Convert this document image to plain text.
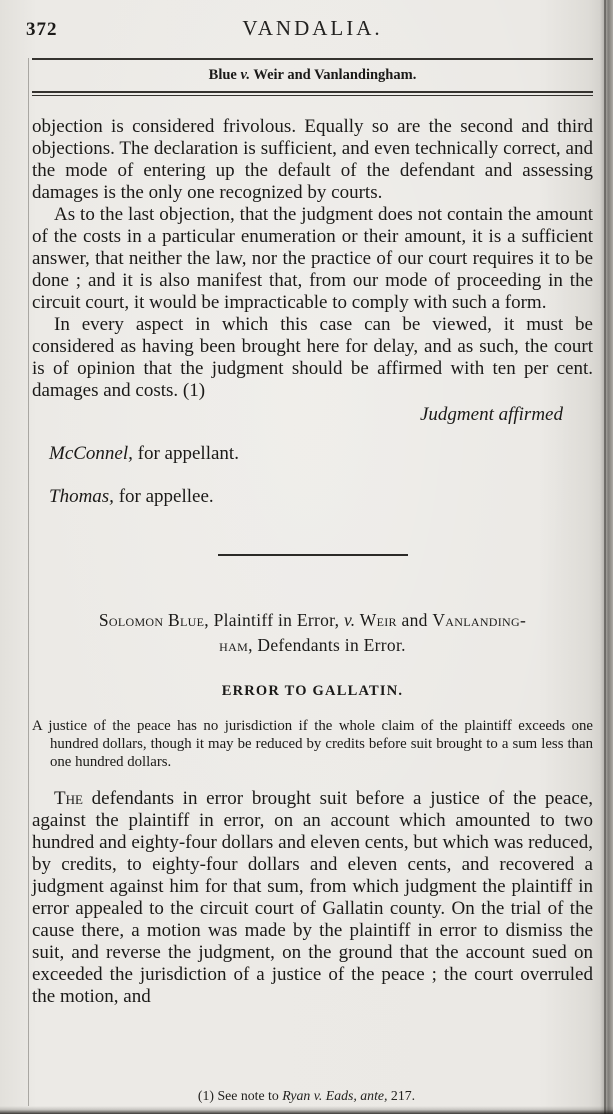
372	VANDALIA.
Blue v. Weir and Vanlandingham.

objection is considered frivolous. Equally so are the second and third objections. The declaration is sufficient, and even technically correct, and the mode of entering up the default of the defendant and assessing damages is the only one recognized by courts.

As to the last objection, that the judgment does not contain the amount of the costs in a particular enumeration or their amount, it is a sufficient answer, that neither the law, nor the practice of our court requires it to be done ; and it is also manifest that, from our mode of proceeding in the circuit court, it would be impracticable to comply with such a form.

In every aspect in which this case can be viewed, it must be considered as having been brought here for delay, and as such, the court is of opinion that the judgment should be affirmed with ten per cent. damages and costs. (1)

Judgment affirmed
McConnel, for appellant.
Thomas, for appellee.
Solomon Blue, Plaintiff in Error, v. Weir and Vanlanding-
ham, Defendants in Error.
ERROR TO GALLATIN.

A justice of the peace has no jurisdiction if the whole claim of the plaintiff exceeds one hundred dollars, though it may be reduced by credits before suit brought to a sum less than one hundred dollars.

The defendants in error brought suit before a justice of the peace, against the plaintiff in error, on an account which amounted to two hundred and eighty-four dollars and eleven cents, but which was reduced, by credits, to eighty-four dollars and eleven cents, and recovered a judgment against him for that sum, from which judgment the plaintiff in error appealed to the circuit court of Gallatin county. On the trial of the cause there, a motion was made by the plaintiff in error to dismiss the suit, and reverse the judgment, on the ground that the account sued on exceeded the jurisdiction of a justice of the peace ; the court overruled the motion, and

(1) See note to Ryan v. Eads, ante, 217.
